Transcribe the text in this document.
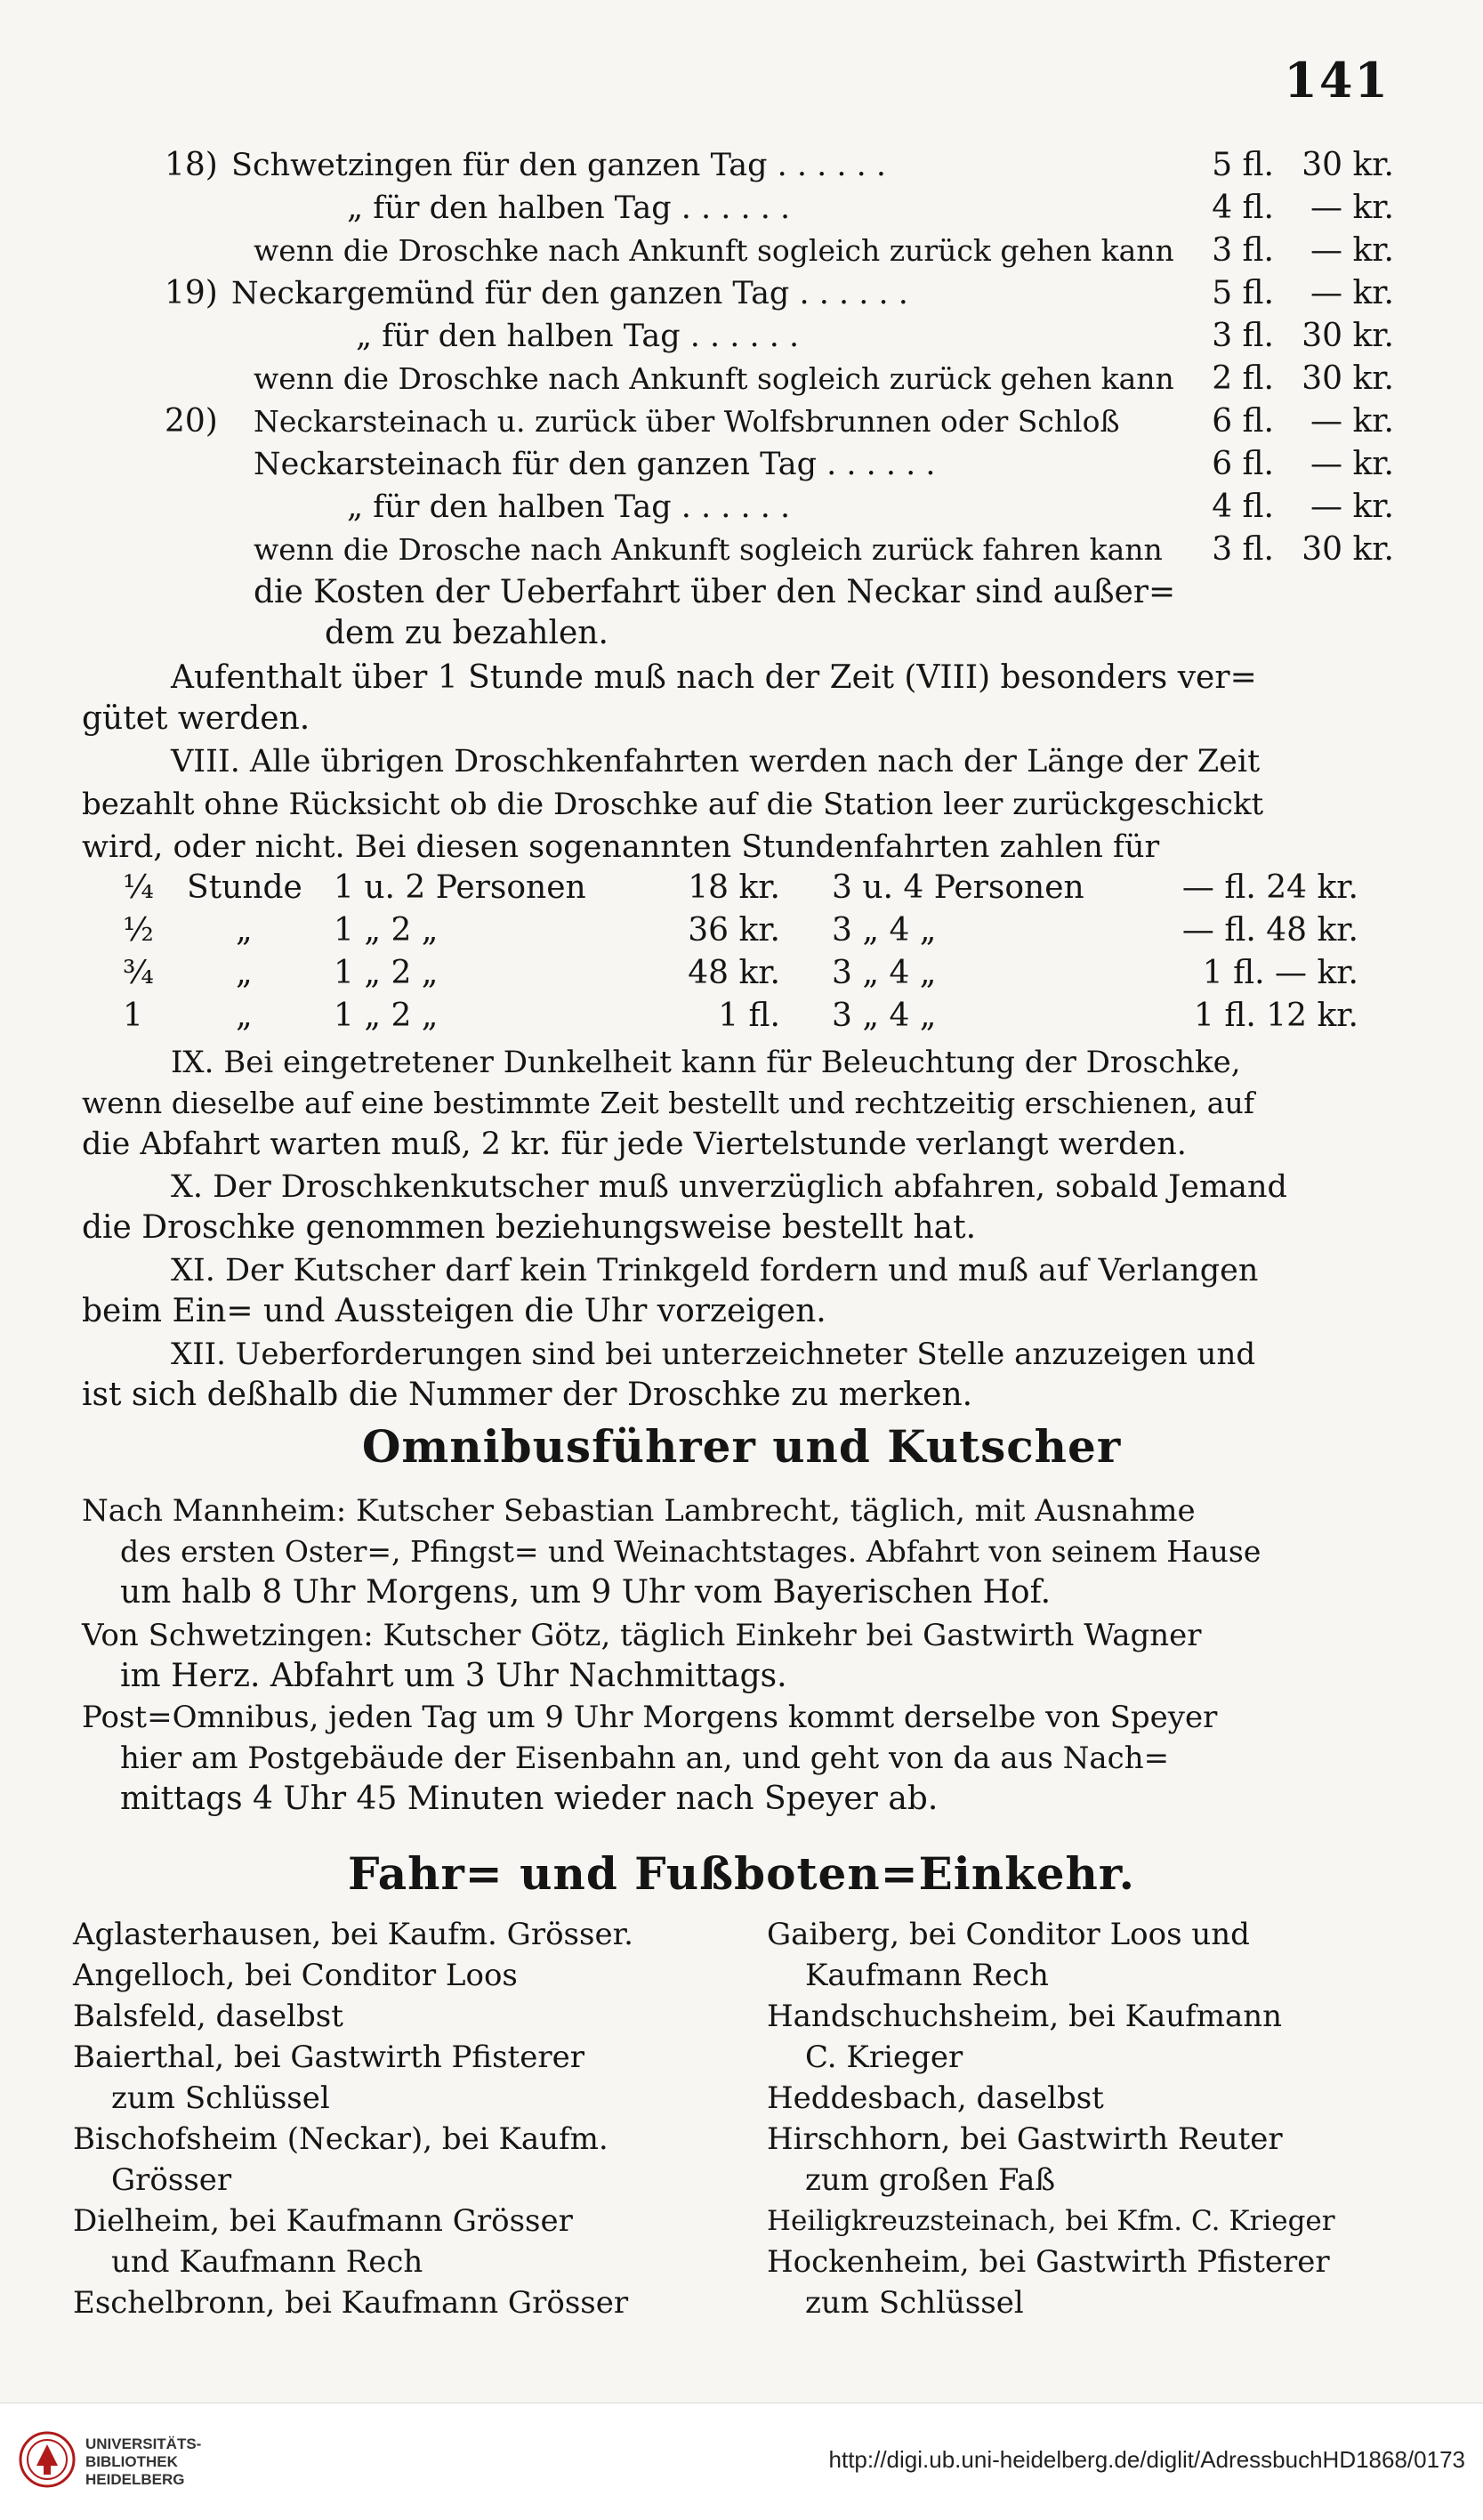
141
18) Schwetzingen für den ganzen Tag . . . . . .	5 fl. 30 kr.
„ für den halben Tag . . . . . .	4 fl. — kr.
wenn die Droschke nach Ankunft sogleich zurück gehen kann 3 fl. — kr.
19) Neckargemünd für den ganzen Tag . . . . . .	5 fl. — kr.
„ für den halben Tag . . . . . .	3 fl. 30 kr.
wenn die Droschke nach Ankunft sogleich zurück gehen kann 2 fl. 30 kr.
20) Neckarsteinach u. zurück über Wolfsbrunnen oder Schloß	6 fl. — kr.
Neckarsteinach für den ganzen Tag . . . . . .	6 fl. — kr.
„ für den halben Tag . . . . . .	4 fl. — kr.
wenn die Drosche nach Ankunft sogleich zurück fahren kann 3 fl. 30 kr.
die Kosten der Ueberfahrt über den Neckar sind außer=
dem zu bezahlen.
Aufenthalt über 1 Stunde muß nach der Zeit (VIII) besonders ver=
gütet werden.
VIII. Alle übrigen Droschkenfahrten werden nach der Länge der Zeit
bezahlt ohne Rücksicht ob die Droschke auf die Station leer zurückgeschickt
wird, oder nicht. Bei diesen sogenannten Stundenfahrten zahlen für
¼ Stunde 1 u. 2 Personen	18 kr. 3 u. 4 Personen	— fl. 24 kr.
½	„	1 „ 2 „	36 kr. 3 „ 4 „	— fl. 48 kr.
¾	„	1 „ 2 „	48 kr. 3 „ 4 „	1 fl. — kr.
1	„	1 „ 2 „	1 fl. 3 „ 4 „	1 fl. 12 kr.
IX. Bei eingetretener Dunkelheit kann für Beleuchtung der Droschke,
wenn dieselbe auf eine bestimmte Zeit bestellt und rechtzeitig erschienen, auf
die Abfahrt warten muß, 2 kr. für jede Viertelstunde verlangt werden.
X. Der Droschkenkutscher muß unverzüglich abfahren, sobald Jemand
die Droschke genommen beziehungsweise bestellt hat.
XI. Der Kutscher darf kein Trinkgeld fordern und muß auf Verlangen
beim Ein= und Aussteigen die Uhr vorzeigen.
XII. Ueberforderungen sind bei unterzeichneter Stelle anzuzeigen und
ist sich deßhalb die Nummer der Droschke zu merken.
Omnibusführer und Kutscher
Nach Mannheim: Kutscher Sebastian Lambrecht, täglich, mit Ausnahme
des ersten Oster=, Pfingst= und Weinachtstages. Abfahrt von seinem Hause
um halb 8 Uhr Morgens, um 9 Uhr vom Bayerischen Hof.
Von Schwetzingen: Kutscher Götz, täglich Einkehr bei Gastwirth Wagner
im Herz. Abfahrt um 3 Uhr Nachmittags.
Post=Omnibus, jeden Tag um 9 Uhr Morgens kommt derselbe von Speyer
hier am Postgebäude der Eisenbahn an, und geht von da aus Nach=
mittags 4 Uhr 45 Minuten wieder nach Speyer ab.
Fahr= und Fußboten=Einkehr.
Aglasterhausen, bei Kaufm. Grösser.
Angelloch, bei Conditor Loos
Balsfeld, daselbst
Baierthal, bei Gastwirth Pfisterer
zum Schlüssel
Bischofsheim (Neckar), bei Kaufm.
Grösser
Dielheim, bei Kaufmann Grösser
und Kaufmann Rech
Eschelbronn, bei Kaufmann Grösser
Gaiberg, bei Conditor Loos und
Kaufmann Rech
Handschuchsheim, bei Kaufmann
C. Krieger
Heddesbach, daselbst
Hirschhorn, bei Gastwirth Reuter
zum großen Faß
Heiligkreuzsteinach, bei Kfm. C. Krieger
Hockenheim, bei Gastwirth Pfisterer
zum Schlüssel
UNIVERSITÄTS-
BIBLIOTHEK
HEIDELBERG
http://digi.ub.uni-heidelberg.de/diglit/AdressbuchHD1868/0173
